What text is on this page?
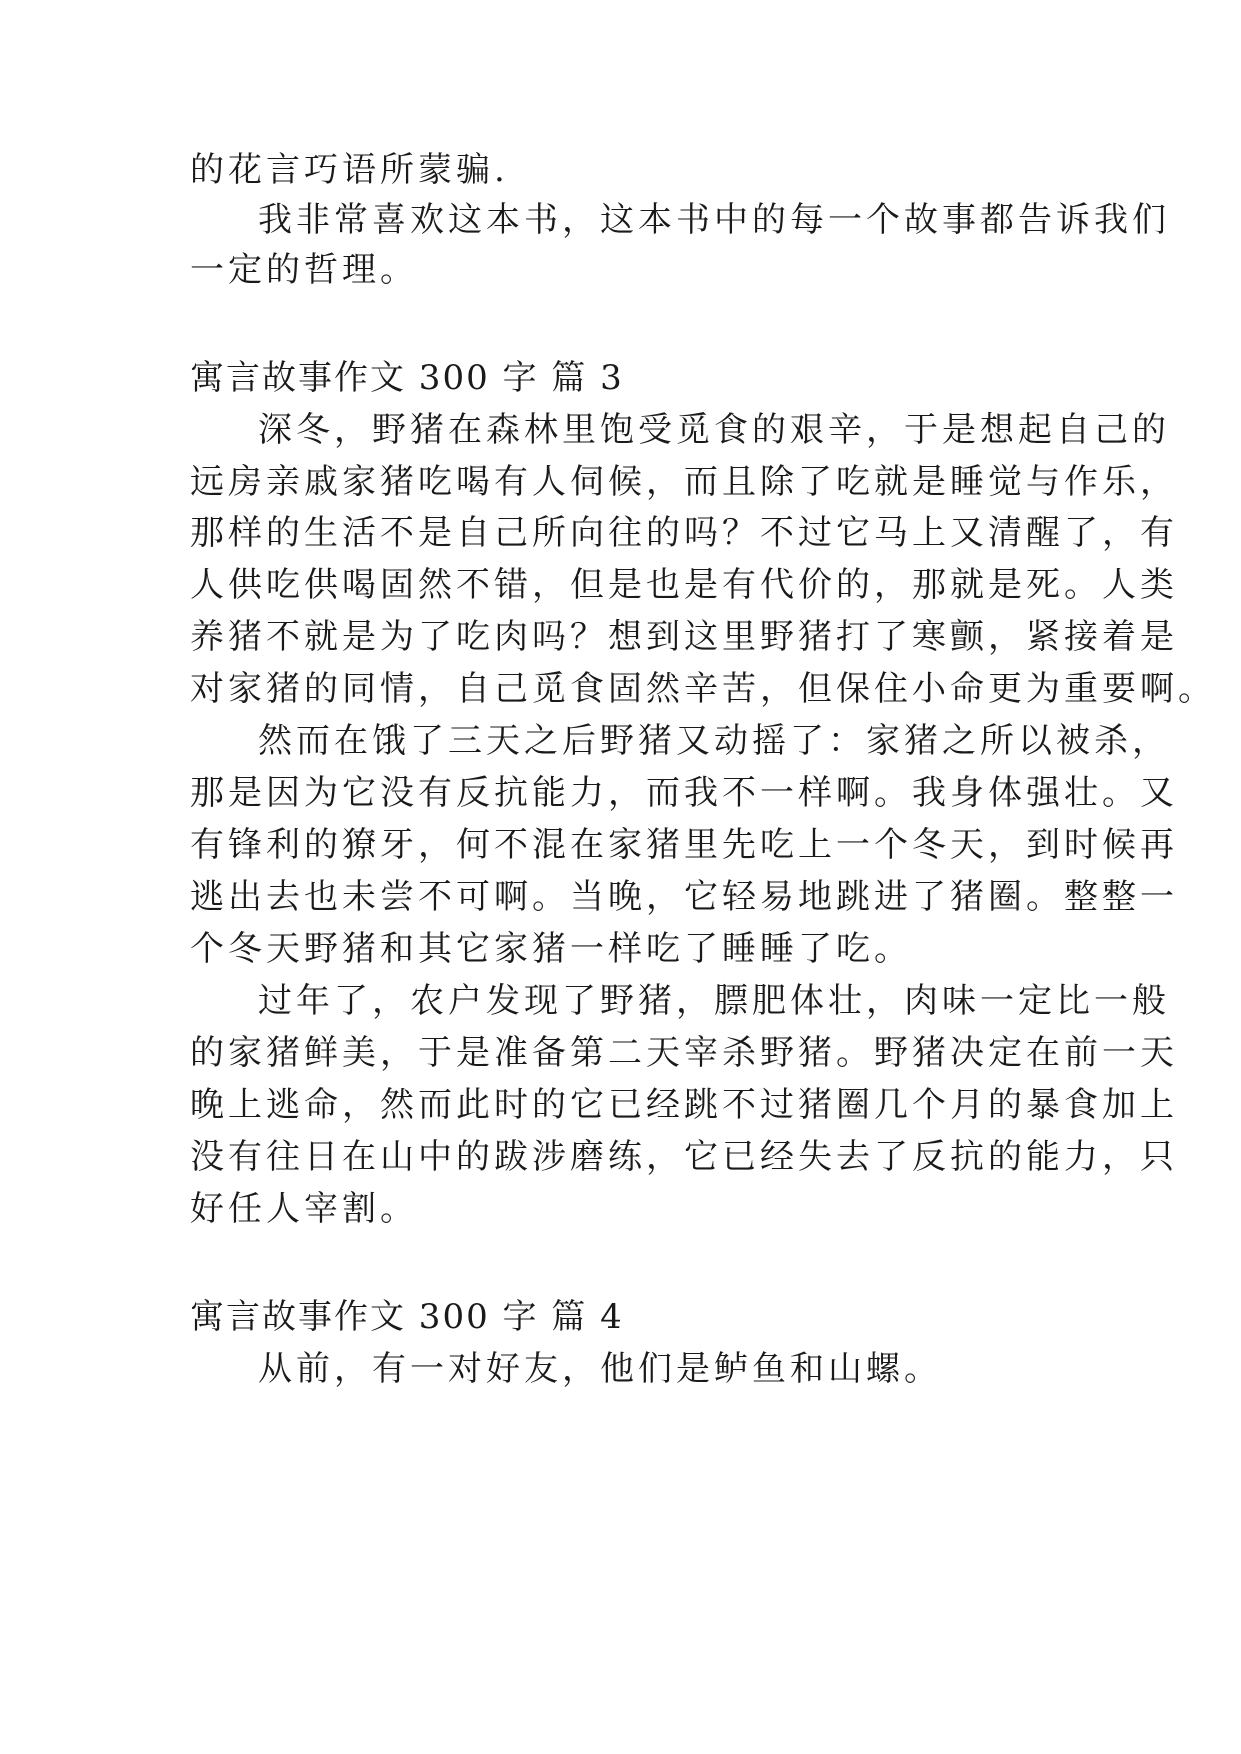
的花言巧语所蒙骗.
我非常喜欢这本书，这本书中的每一个故事都告诉我们
一定的哲理。
寓言故事作文 300 字 篇 3
深冬，野猪在森林里饱受觅食的艰辛，于是想起自己的
远房亲戚家猪吃喝有人伺候，而且除了吃就是睡觉与作乐，
那样的生活不是自己所向往的吗？不过它马上又清醒了，有
人供吃供喝固然不错，但是也是有代价的，那就是死。人类
养猪不就是为了吃肉吗？想到这里野猪打了寒颤，紧接着是
对家猪的同情，自己觅食固然辛苦，但保住小命更为重要啊。
然而在饿了三天之后野猪又动摇了：家猪之所以被杀，
那是因为它没有反抗能力，而我不一样啊。我身体强壮。又
有锋利的獠牙，何不混在家猪里先吃上一个冬天，到时候再
逃出去也未尝不可啊。当晚，它轻易地跳进了猪圈。整整一
个冬天野猪和其它家猪一样吃了睡睡了吃。
过年了，农户发现了野猪，膘肥体壮，肉味一定比一般
的家猪鲜美，于是准备第二天宰杀野猪。野猪决定在前一天
晚上逃命，然而此时的它已经跳不过猪圈几个月的暴食加上
没有往日在山中的跋涉磨练，它已经失去了反抗的能力，只
好任人宰割。
寓言故事作文 300 字 篇 4
从前，有一对好友，他们是鲈鱼和山螺。
